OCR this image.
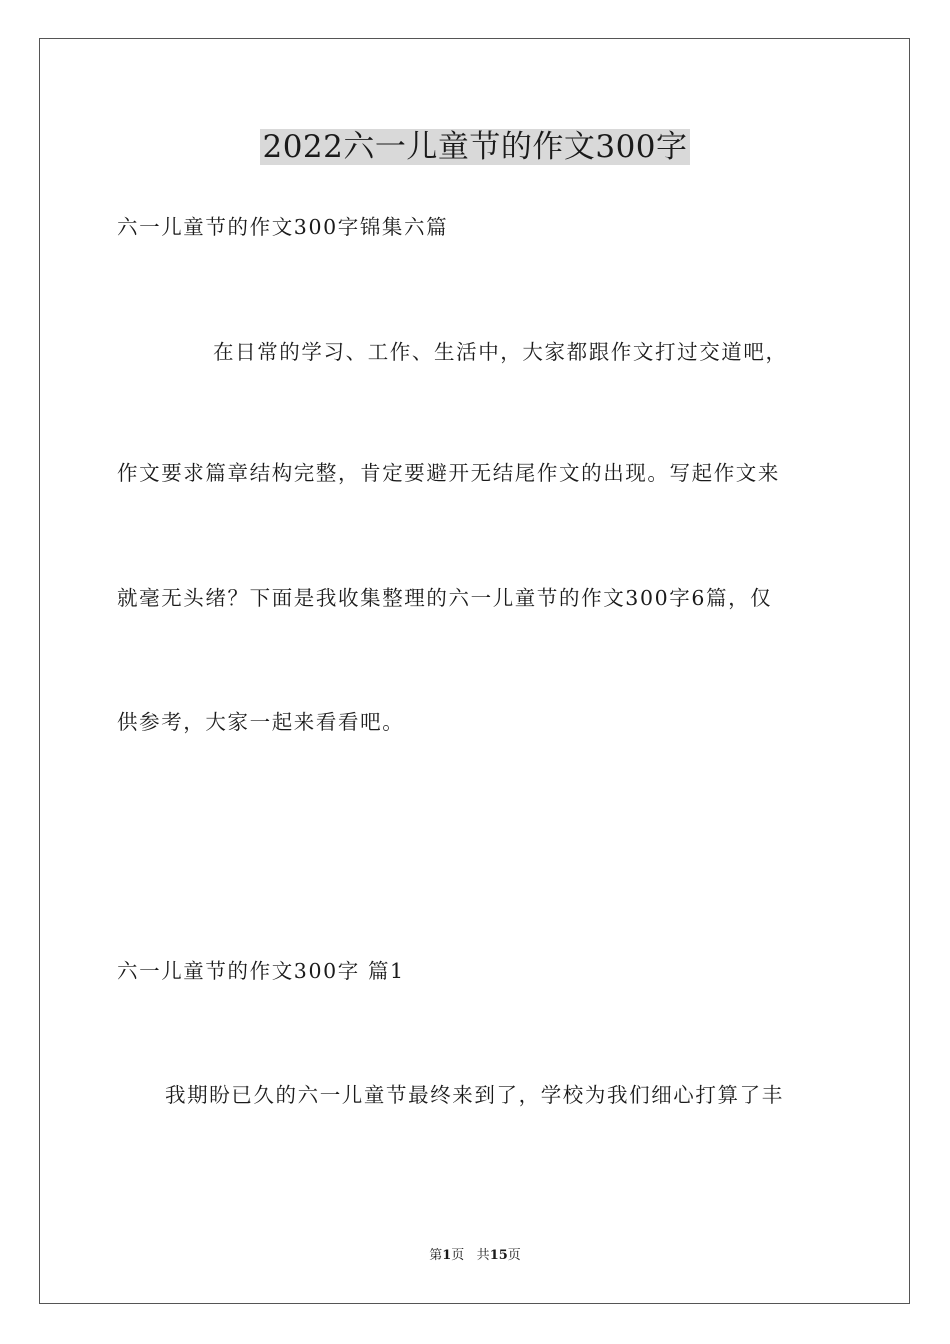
2022六一儿童节的作文300字
六一儿童节的作文300字锦集六篇
在日常的学习、工作、生活中，大家都跟作文打过交道吧，
作文要求篇章结构完整，肯定要避开无结尾作文的出现。写起作文来
就毫无头绪？下面是我收集整理的六一儿童节的作文300字6篇，仅
供参考，大家一起来看看吧。
六一儿童节的作文300字 篇1
我期盼已久的六一儿童节最终来到了，学校为我们细心打算了丰
第1页 共15页
